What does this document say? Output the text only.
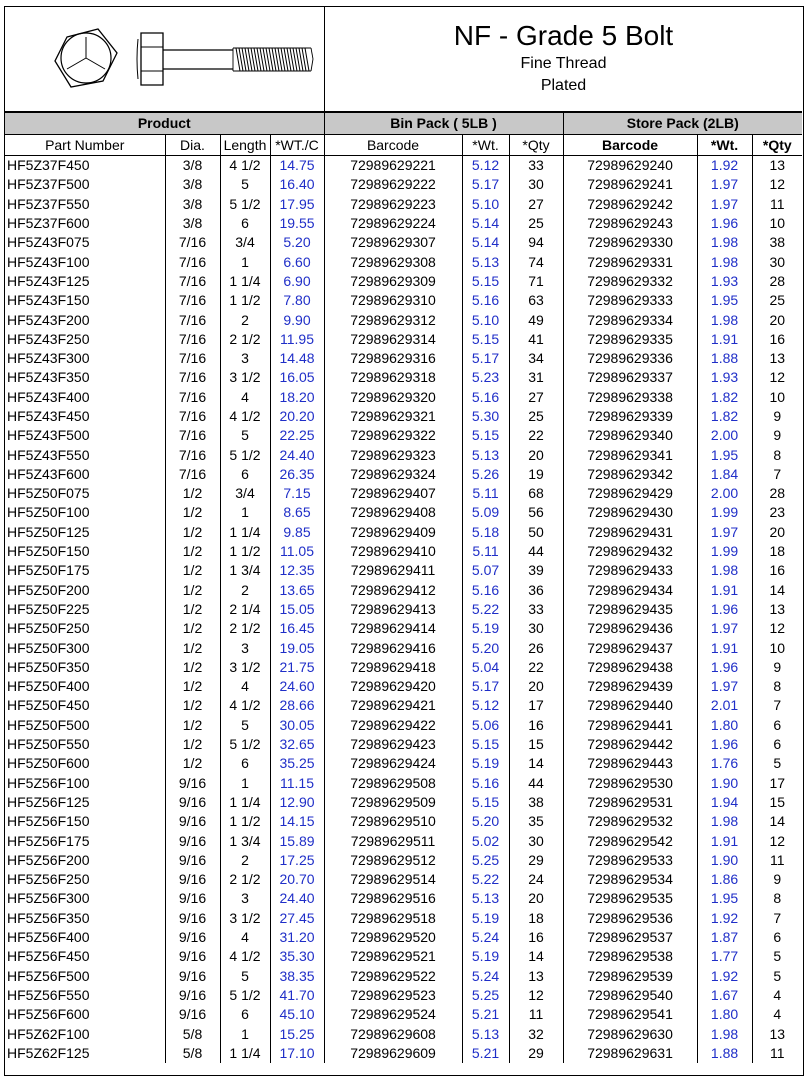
NF - Grade 5 Bolt
Fine Thread
Plated
Product				Bin Pack ( 5LB )			Store Pack (2LB)		
Part Number	Dia.	Length	*WT./C	Barcode	*Wt.	*Qty	Barcode	*Wt.	*Qty
HF5Z37F450	3/8	4 1/2	14.75	72989629221	5.12	33	72989629240	1.92	13
HF5Z37F500	3/8	5	16.40	72989629222	5.17	30	72989629241	1.97	12
HF5Z37F550	3/8	5 1/2	17.95	72989629223	5.10	27	72989629242	1.97	11
HF5Z37F600	3/8	6	19.55	72989629224	5.14	25	72989629243	1.96	10
HF5Z43F075	7/16	3/4	5.20	72989629307	5.14	94	72989629330	1.98	38
HF5Z43F100	7/16	1	6.60	72989629308	5.13	74	72989629331	1.98	30
HF5Z43F125	7/16	1 1/4	6.90	72989629309	5.15	71	72989629332	1.93	28
HF5Z43F150	7/16	1 1/2	7.80	72989629310	5.16	63	72989629333	1.95	25
HF5Z43F200	7/16	2	9.90	72989629312	5.10	49	72989629334	1.98	20
HF5Z43F250	7/16	2 1/2	11.95	72989629314	5.15	41	72989629335	1.91	16
HF5Z43F300	7/16	3	14.48	72989629316	5.17	34	72989629336	1.88	13
HF5Z43F350	7/16	3 1/2	16.05	72989629318	5.23	31	72989629337	1.93	12
HF5Z43F400	7/16	4	18.20	72989629320	5.16	27	72989629338	1.82	10
HF5Z43F450	7/16	4 1/2	20.20	72989629321	5.30	25	72989629339	1.82	9
HF5Z43F500	7/16	5	22.25	72989629322	5.15	22	72989629340	2.00	9
HF5Z43F550	7/16	5 1/2	24.40	72989629323	5.13	20	72989629341	1.95	8
HF5Z43F600	7/16	6	26.35	72989629324	5.26	19	72989629342	1.84	7
HF5Z50F075	1/2	3/4	7.15	72989629407	5.11	68	72989629429	2.00	28
HF5Z50F100	1/2	1	8.65	72989629408	5.09	56	72989629430	1.99	23
HF5Z50F125	1/2	1 1/4	9.85	72989629409	5.18	50	72989629431	1.97	20
HF5Z50F150	1/2	1 1/2	11.05	72989629410	5.11	44	72989629432	1.99	18
HF5Z50F175	1/2	1 3/4	12.35	72989629411	5.07	39	72989629433	1.98	16
HF5Z50F200	1/2	2	13.65	72989629412	5.16	36	72989629434	1.91	14
HF5Z50F225	1/2	2 1/4	15.05	72989629413	5.22	33	72989629435	1.96	13
HF5Z50F250	1/2	2 1/2	16.45	72989629414	5.19	30	72989629436	1.97	12
HF5Z50F300	1/2	3	19.05	72989629416	5.20	26	72989629437	1.91	10
HF5Z50F350	1/2	3 1/2	21.75	72989629418	5.04	22	72989629438	1.96	9
HF5Z50F400	1/2	4	24.60	72989629420	5.17	20	72989629439	1.97	8
HF5Z50F450	1/2	4 1/2	28.66	72989629421	5.12	17	72989629440	2.01	7
HF5Z50F500	1/2	5	30.05	72989629422	5.06	16	72989629441	1.80	6
HF5Z50F550	1/2	5 1/2	32.65	72989629423	5.15	15	72989629442	1.96	6
HF5Z50F600	1/2	6	35.25	72989629424	5.19	14	72989629443	1.76	5
HF5Z56F100	9/16	1	11.15	72989629508	5.16	44	72989629530	1.90	17
HF5Z56F125	9/16	1 1/4	12.90	72989629509	5.15	38	72989629531	1.94	15
HF5Z56F150	9/16	1 1/2	14.15	72989629510	5.20	35	72989629532	1.98	14
HF5Z56F175	9/16	1 3/4	15.89	72989629511	5.02	30	72989629542	1.91	12
HF5Z56F200	9/16	2	17.25	72989629512	5.25	29	72989629533	1.90	11
HF5Z56F250	9/16	2 1/2	20.70	72989629514	5.22	24	72989629534	1.86	9
HF5Z56F300	9/16	3	24.40	72989629516	5.13	20	72989629535	1.95	8
HF5Z56F350	9/16	3 1/2	27.45	72989629518	5.19	18	72989629536	1.92	7
HF5Z56F400	9/16	4	31.20	72989629520	5.24	16	72989629537	1.87	6
HF5Z56F450	9/16	4 1/2	35.30	72989629521	5.19	14	72989629538	1.77	5
HF5Z56F500	9/16	5	38.35	72989629522	5.24	13	72989629539	1.92	5
HF5Z56F550	9/16	5 1/2	41.70	72989629523	5.25	12	72989629540	1.67	4
HF5Z56F600	9/16	6	45.10	72989629524	5.21	11	72989629541	1.80	4
HF5Z62F100	5/8	1	15.25	72989629608	5.13	32	72989629630	1.98	13
HF5Z62F125	5/8	1 1/4	17.10	72989629609	5.21	29	72989629631	1.88	11
